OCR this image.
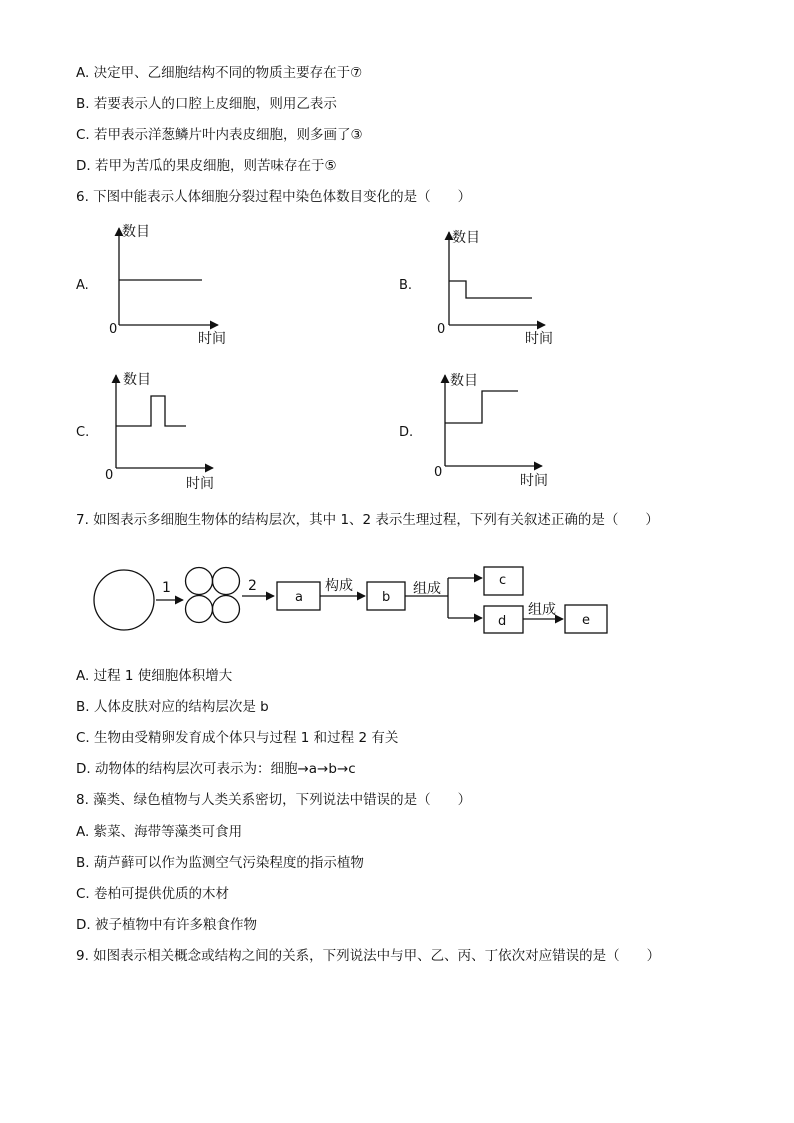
A. 决定甲、乙细胞结构不同的物质主要存在于⑦
B. 若要表示人的口腔上皮细胞，则用乙表示
C. 若甲表示洋葱鳞片叶内表皮细胞，则多画了③
D. 若甲为苦瓜的果皮细胞，则苦味存在于⑤
6. 下图中能表示人体细胞分裂过程中染色体数目变化的是（　　）
A.
数目
时间
0
B.
数目
时间
0
C.
数目
时间
0
D.
数目
时间
0
7. 如图表示多细胞生物体的结构层次，其中 1、2 表示生理过程，下列有关叙述正确的是（　　）
1	2
a
构成
b
组成
c
d
组成
e
A. 过程 1 使细胞体积增大
B. 人体皮肤对应的结构层次是 b
C. 生物由受精卵发育成个体只与过程 1 和过程 2 有关
D. 动物体的结构层次可表示为：细胞→a→b→c
8. 藻类、绿色植物与人类关系密切，下列说法中错误的是（　　）
A. 紫菜、海带等藻类可食用
B. 葫芦藓可以作为监测空气污染程度的指示植物
C. 卷柏可提供优质的木材
D. 被子植物中有许多粮食作物
9. 如图表示相关概念或结构之间的关系，下列说法中与甲、乙、丙、丁依次对应错误的是（　　）
